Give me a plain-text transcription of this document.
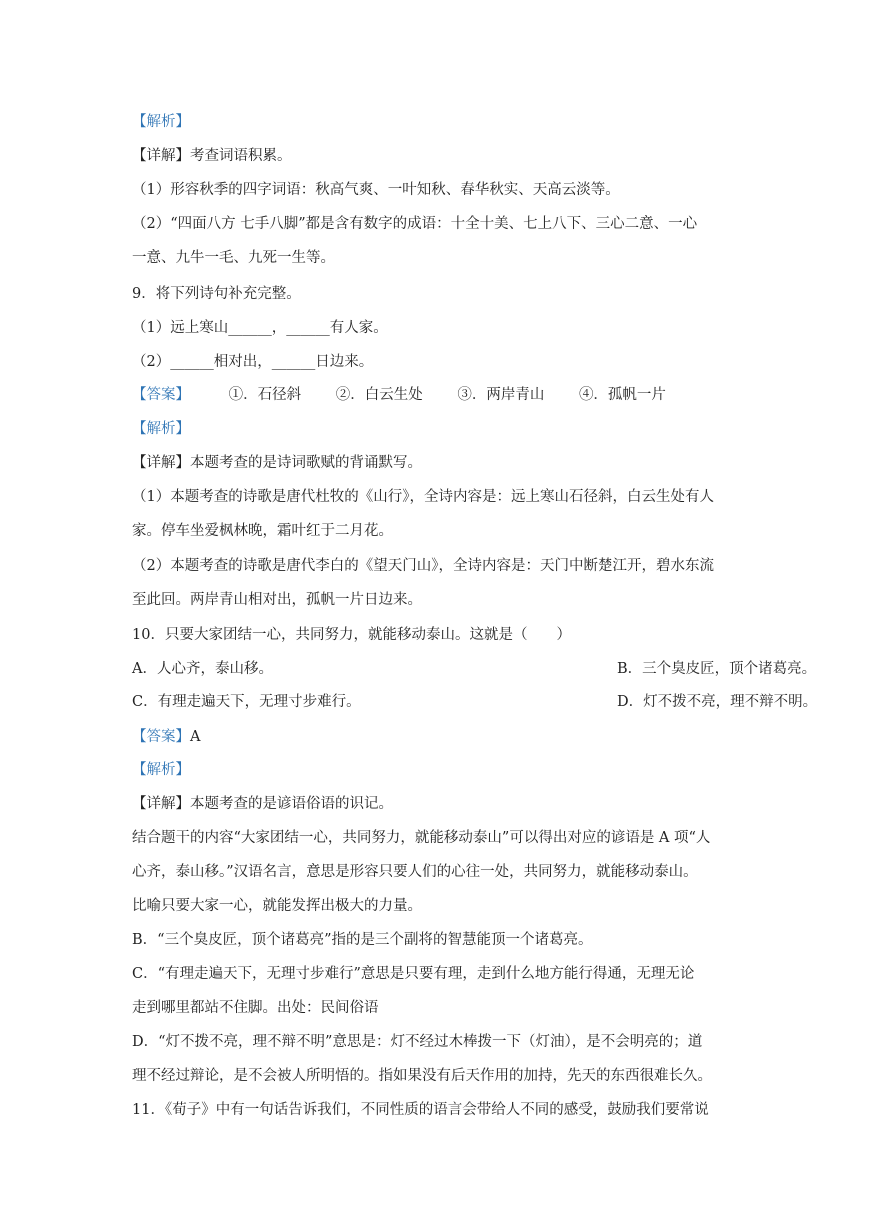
【解析】
【详解】考查词语积累。
（1）形容秋季的四字词语：秋高气爽、一叶知秋、春华秋实、天高云淡等。
（2）“四面八方 七手八脚”都是含有数字的成语：十全十美、七上八下、三心二意、一心
一意、九牛一毛、九死一生等。
9．将下列诗句补充完整。
（1）远上寒山______，______有人家。
（2）______相对出，______日边来。
【答案】	①．石径斜 ②．白云生处 ③．两岸青山 ④．孤帆一片
【解析】
【详解】本题考查的是诗词歌赋的背诵默写。
（1）本题考查的诗歌是唐代杜牧的《山行》，全诗内容是：远上寒山石径斜，白云生处有人
家。停车坐爱枫林晚，霜叶红于二月花。
（2）本题考查的诗歌是唐代李白的《望天门山》，全诗内容是：天门中断楚江开，碧水东流
至此回。两岸青山相对出，孤帆一片日边来。
10．只要大家团结一心，共同努力，就能移动泰山。这就是（　　）
A．人心齐，泰山移。	B．三个臭皮匠，顶个诸葛亮。
C．有理走遍天下，无理寸步难行。	D．灯不拨不亮，理不辩不明。
【答案】A
【解析】
【详解】本题考查的是谚语俗语的识记。
结合题干的内容“大家团结一心，共同努力，就能移动泰山”可以得出对应的谚语是 A 项“人
心齐，泰山移。”汉语名言，意思是形容只要人们的心往一处，共同努力，就能移动泰山。
比喻只要大家一心，就能发挥出极大的力量。
B．“三个臭皮匠，顶个诸葛亮”指的是三个副将的智慧能顶一个诸葛亮。
C．“有理走遍天下，无理寸步难行”意思是只要有理，走到什么地方能行得通，无理无论
走到哪里都站不住脚。出处：民间俗语
D．“灯不拨不亮，理不辩不明”意思是：灯不经过木棒拨一下（灯油），是不会明亮的；道
理不经过辩论，是不会被人所明悟的。指如果没有后天作用的加持，先天的东西很难长久。
11．《荀子》中有一句话告诉我们，不同性质的语言会带给人不同的感受，鼓励我们要常说
